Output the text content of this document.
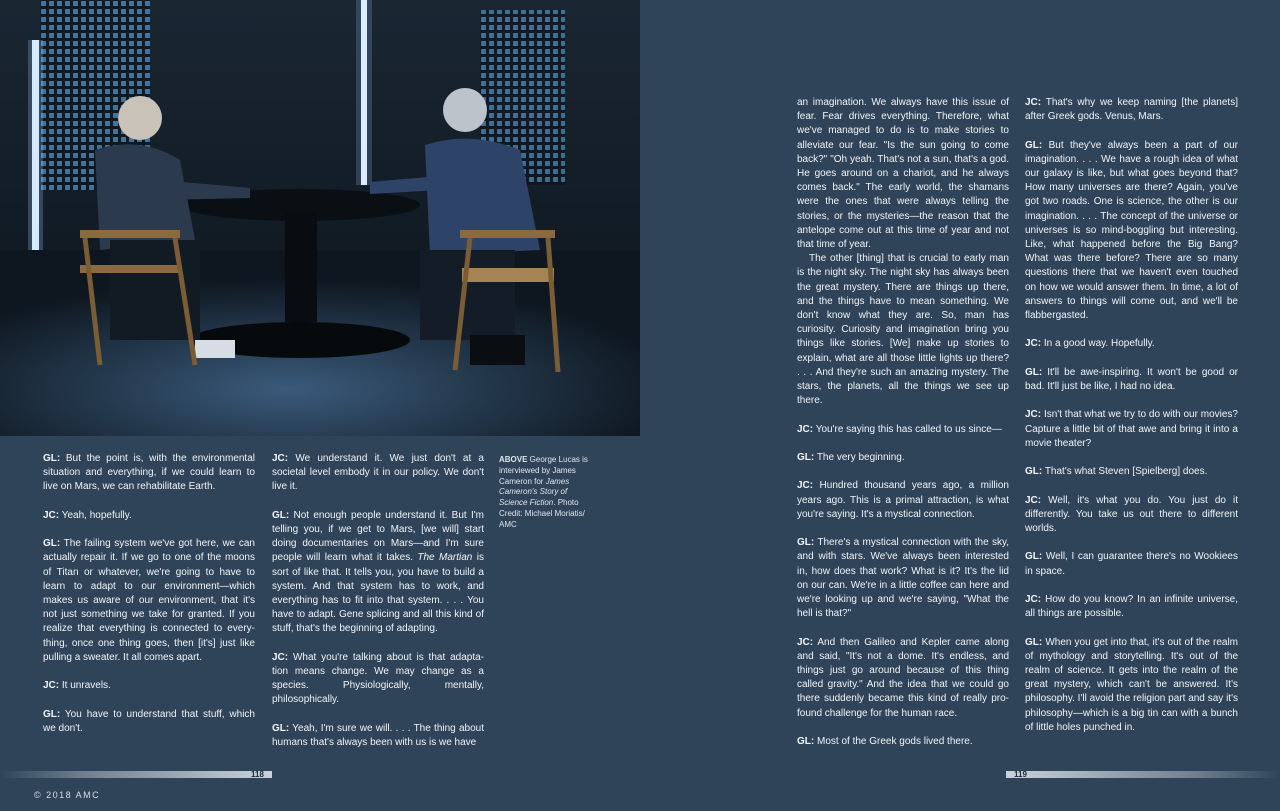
ABOVE George Lucas is interviewed by James Cameron for James Cameron's Story of Science Fiction. Photo Credit: Michael Moriatis/ AMC

GL: But the point is, with the environmental situation and everything, if we could learn to live on Mars, we can rehabilitate Earth.

JC: Yeah, hopefully.

GL: The failing system we've got here, we can actually repair it. If we go to one of the moons of Titan or whatever, we're going to have to learn to adapt to our environment—which makes us aware of our environment, that it's not just something we take for granted. If you realize that everything is connected to every-thing, once one thing goes, then [it's] just like pulling a sweater. It all comes apart.

JC: It unravels.

GL: You have to understand that stuff, which we don't.

JC: We understand it. We just don't at a societal level embody it in our policy. We don't live it.

GL: Not enough people understand it. But I'm telling you, if we get to Mars, [we will] start doing documentaries on Mars—and I'm sure people will learn what it takes. The Martian is sort of like that. It tells you, you have to build a system. And that system has to work, and everything has to fit into that system. . . . You have to adapt. Gene splicing and all this kind of stuff, that's the beginning of adapting.

JC: What you're talking about is that adapta-tion means change. We may change as a species. Physiologically, mentally, philosophically.

GL: Yeah, I'm sure we will. . . . The thing about humans that's always been with us is we have

an imagination. We always have this issue of fear. Fear drives everything. Therefore, what we've managed to do is to make stories to alleviate our fear. "Is the sun going to come back?" "Oh yeah. That's not a sun, that's a god. He goes around on a chariot, and he always comes back." The early world, the shamans were the ones that were always telling the stories, or the mysteries—the reason that the antelope come out at this time of year and not that time of year.

The other [thing] that is crucial to early man is the night sky. The night sky has always been the great mystery. There are things up there, and the things have to mean something. We don't know what they are. So, man has curiosity. Curiosity and imagination bring you things like stories. [We] make up stories to explain, what are all those little lights up there? . . . And they're such an amazing mystery. The stars, the planets, all the things we see up there.

JC: You're saying this has called to us since—

GL: The very beginning.

JC: Hundred thousand years ago, a million years ago. This is a primal attraction, is what you're saying. It's a mystical connection.

GL: There's a mystical connection with the sky, and with stars. We've always been interested in, how does that work? What is it? It's the lid on our can. We're in a little coffee can here and we're looking up and we're saying, "What the hell is that?"

JC: And then Galileo and Kepler came along and said, "It's not a dome. It's endless, and things just go around because of this thing called gravity." And the idea that we could go there suddenly became this kind of really pro-found challenge for the human race.

GL: Most of the Greek gods lived there.

JC: That's why we keep naming [the planets] after Greek gods. Venus, Mars.

GL: But they've always been a part of our imagination. . . . We have a rough idea of what our galaxy is like, but what goes beyond that? How many universes are there? Again, you've got two roads. One is science, the other is our imagination. . . . The concept of the universe or universes is so mind-boggling but interesting. Like, what happened before the Big Bang? What was there before? There are so many questions there that we haven't even touched on how we would answer them. In time, a lot of answers to things will come out, and we'll be flabbergasted.

JC: In a good way. Hopefully.

GL: It'll be awe-inspiring. It won't be good or bad. It'll just be like, I had no idea.

JC: Isn't that what we try to do with our movies? Capture a little bit of that awe and bring it into a movie theater?

GL: That's what Steven [Spielberg] does.

JC: Well, it's what you do. You just do it differently. You take us out there to different worlds.

GL: Well, I can guarantee there's no Wookiees in space.

JC: How do you know? In an infinite universe, all things are possible.

GL: When you get into that, it's out of the realm of mythology and storytelling. It's out of the realm of science. It gets into the realm of the great mystery, which can't be answered. It's philosophy. I'll avoid the religion part and say it's philosophy—which is a big tin can with a bunch of little holes punched in.

118	119
© 2018 AMC
